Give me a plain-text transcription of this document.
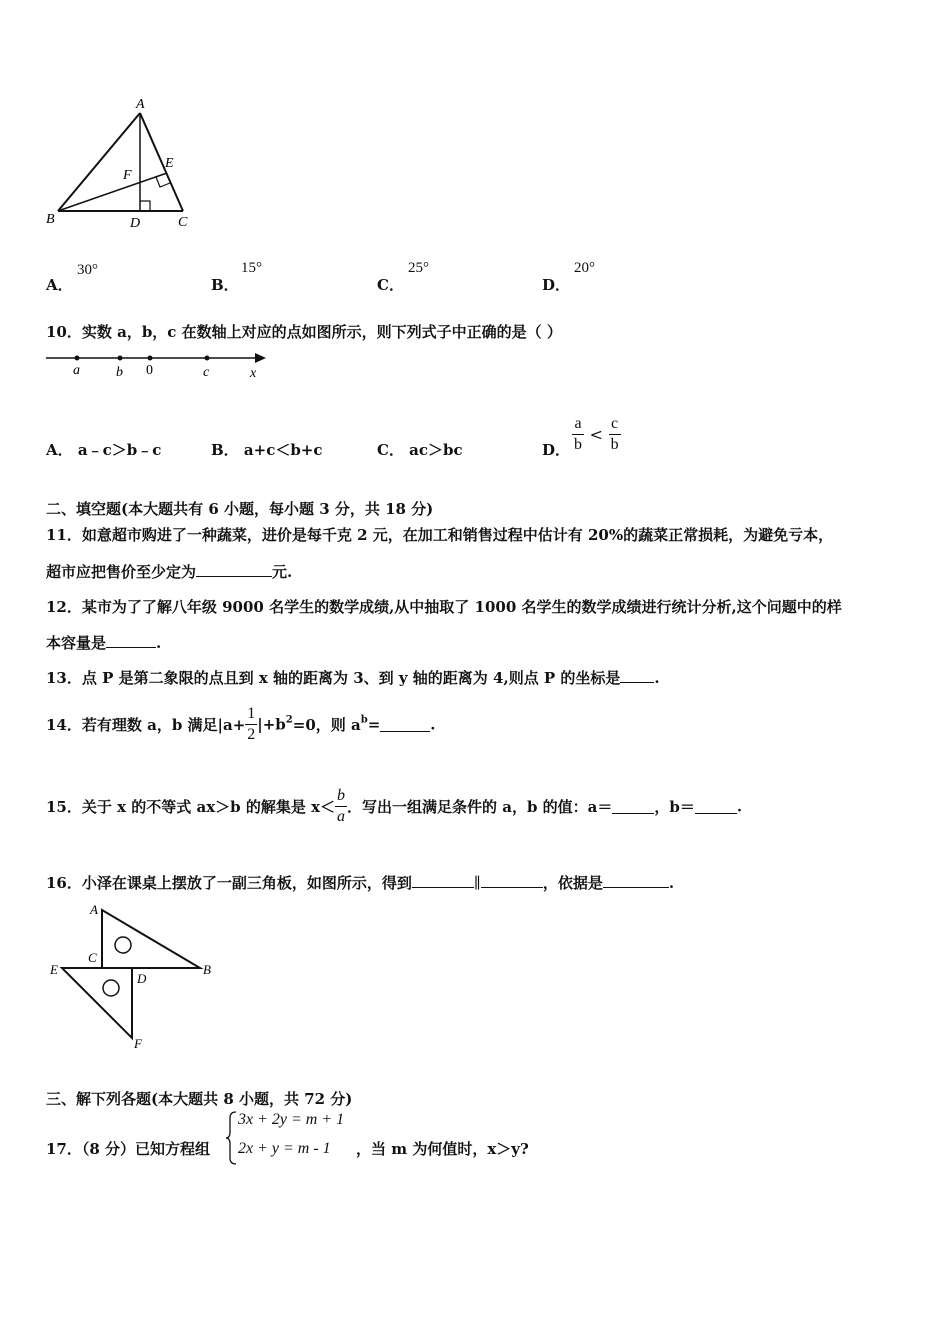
A
B	C
D
E
F
A．
30°
B．
15°
C．
25°
D．
20°
10．实数 a，b，c 在数轴上对应的点如图所示，则下列式子中正确的是（ ）
a	b 0	c	x
A． a﹣c＞b﹣c	B． a+c＜b+c	C． ac＞bc	D． $\frac{a}{b} < \frac{c}{b}$
二、填空题(本大题共有 6 小题，每小题 3 分，共 18 分)
11．如意超市购进了一种蔬菜，进价是每千克 2 元，在加工和销售过程中估计有 20%的蔬菜正常损耗，为避免亏本，
超市应把售价至少定为	元.
12．某市为了了解八年级 9000 名学生的数学成绩,从中抽取了 1000 名学生的数学成绩进行统计分析,这个问题中的样
本容量是	.
13．点 P 是第二象限的点且到 x 轴的距离为 3、到 y 轴的距离为 4,则点 P 的坐标是 .
14．若有理数 a，b 满足$|a+ \frac{1}{2} |+b^2=0$，则 $a^b=$	.
15．关于 x 的不等式 ax＞b 的解集是 $x< \frac{b}{a}$ ．写出一组满足条件的 a，b 的值：a＝	，b＝	.
16．小泽在课桌上摆放了一副三角板，如图所示，得到	∥	，依据是	.
A
B
C
D
E
F
三、解下列各题(本大题共 8 小题，共 72 分)
17．（8 分）已知方程组
3x + 2y = m + 1
2x + y = m - 1 ，当 m 为何值时，x＞y?
